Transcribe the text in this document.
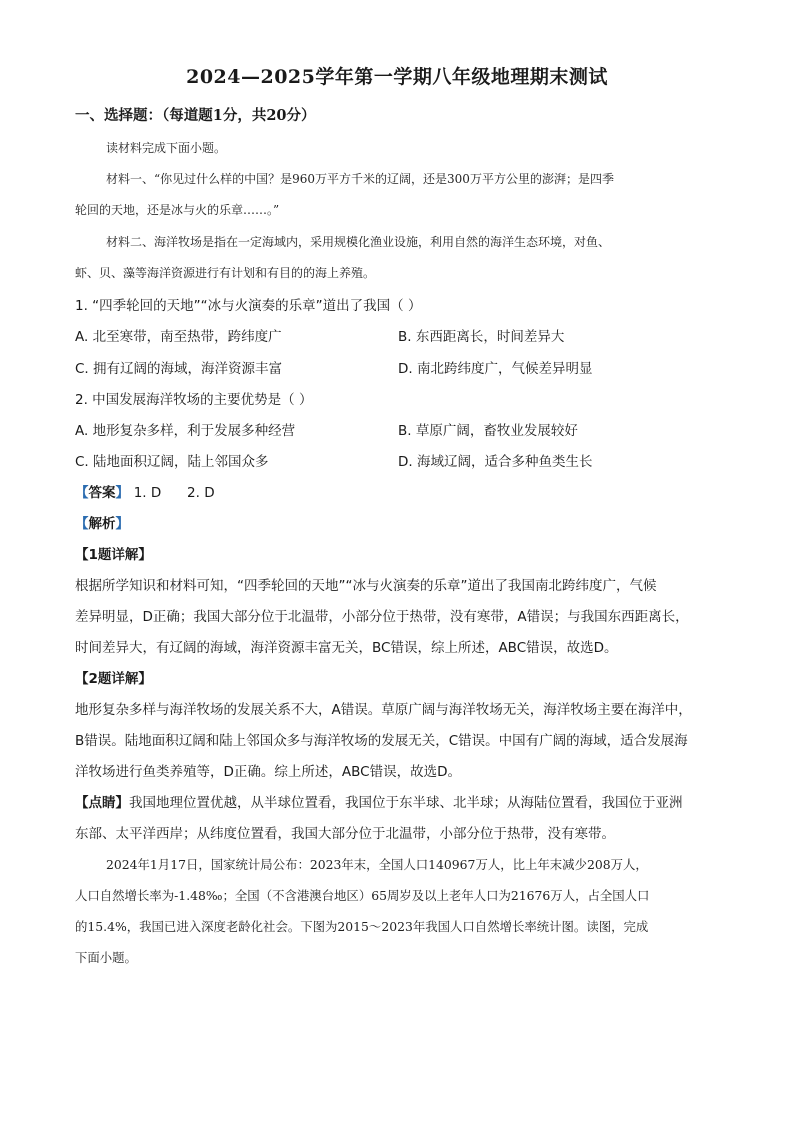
2024—2025学年第一学期八年级地理期末测试
一、选择题：（每道题1分，共20分）
读材料完成下面小题。
材料一、“你见过什么样的中国？是960万平方千米的辽阔，还是300万平方公里的澎湃；是四季
轮回的天地，还是冰与火的乐章……。”
材料二、海洋牧场是指在一定海域内，采用规模化渔业设施，利用自然的海洋生态环境，对鱼、
虾、贝、藻等海洋资源进行有计划和有目的的海上养殖。
1. “四季轮回的天地”“冰与火演奏的乐章”道出了我国（ ）
A. 北至寒带，南至热带，跨纬度广	B. 东西距离长，时间差异大
C. 拥有辽阔的海域，海洋资源丰富	D. 南北跨纬度广，气候差异明显
2. 中国发展海洋牧场的主要优势是（ ）
A. 地形复杂多样，利于发展多种经营	B. 草原广阔，畜牧业发展较好
C. 陆地面积辽阔，陆上邻国众多	D. 海域辽阔，适合多种鱼类生长
【答案】 1. D      2. D
【解析】
【1题详解】
根据所学知识和材料可知，“四季轮回的天地”“冰与火演奏的乐章”道出了我国南北跨纬度广，气候
差异明显，D正确；我国大部分位于北温带，小部分位于热带，没有寒带，A错误；与我国东西距离长，
时间差异大，有辽阔的海域，海洋资源丰富无关，BC错误，综上所述，ABC错误，故选D。
【2题详解】
地形复杂多样与海洋牧场的发展关系不大，A错误。草原广阔与海洋牧场无关，海洋牧场主要在海洋中，
B错误。陆地面积辽阔和陆上邻国众多与海洋牧场的发展无关，C错误。中国有广阔的海域，适合发展海
洋牧场进行鱼类养殖等，D正确。综上所述，ABC错误，故选D。
【点睛】我国地理位置优越，从半球位置看，我国位于东半球、北半球；从海陆位置看，我国位于亚洲
东部、太平洋西岸；从纬度位置看，我国大部分位于北温带，小部分位于热带，没有寒带。
2024年1月17日，国家统计局公布：2023年末，全国人口140967万人，比上年末减少208万人，
人口自然增长率为-1.48‰；全国（不含港澳台地区）65周岁及以上老年人口为21676万人，占全国人口
的15.4%，我国已进入深度老龄化社会。下图为2015～2023年我国人口自然增长率统计图。读图，完成
下面小题。
